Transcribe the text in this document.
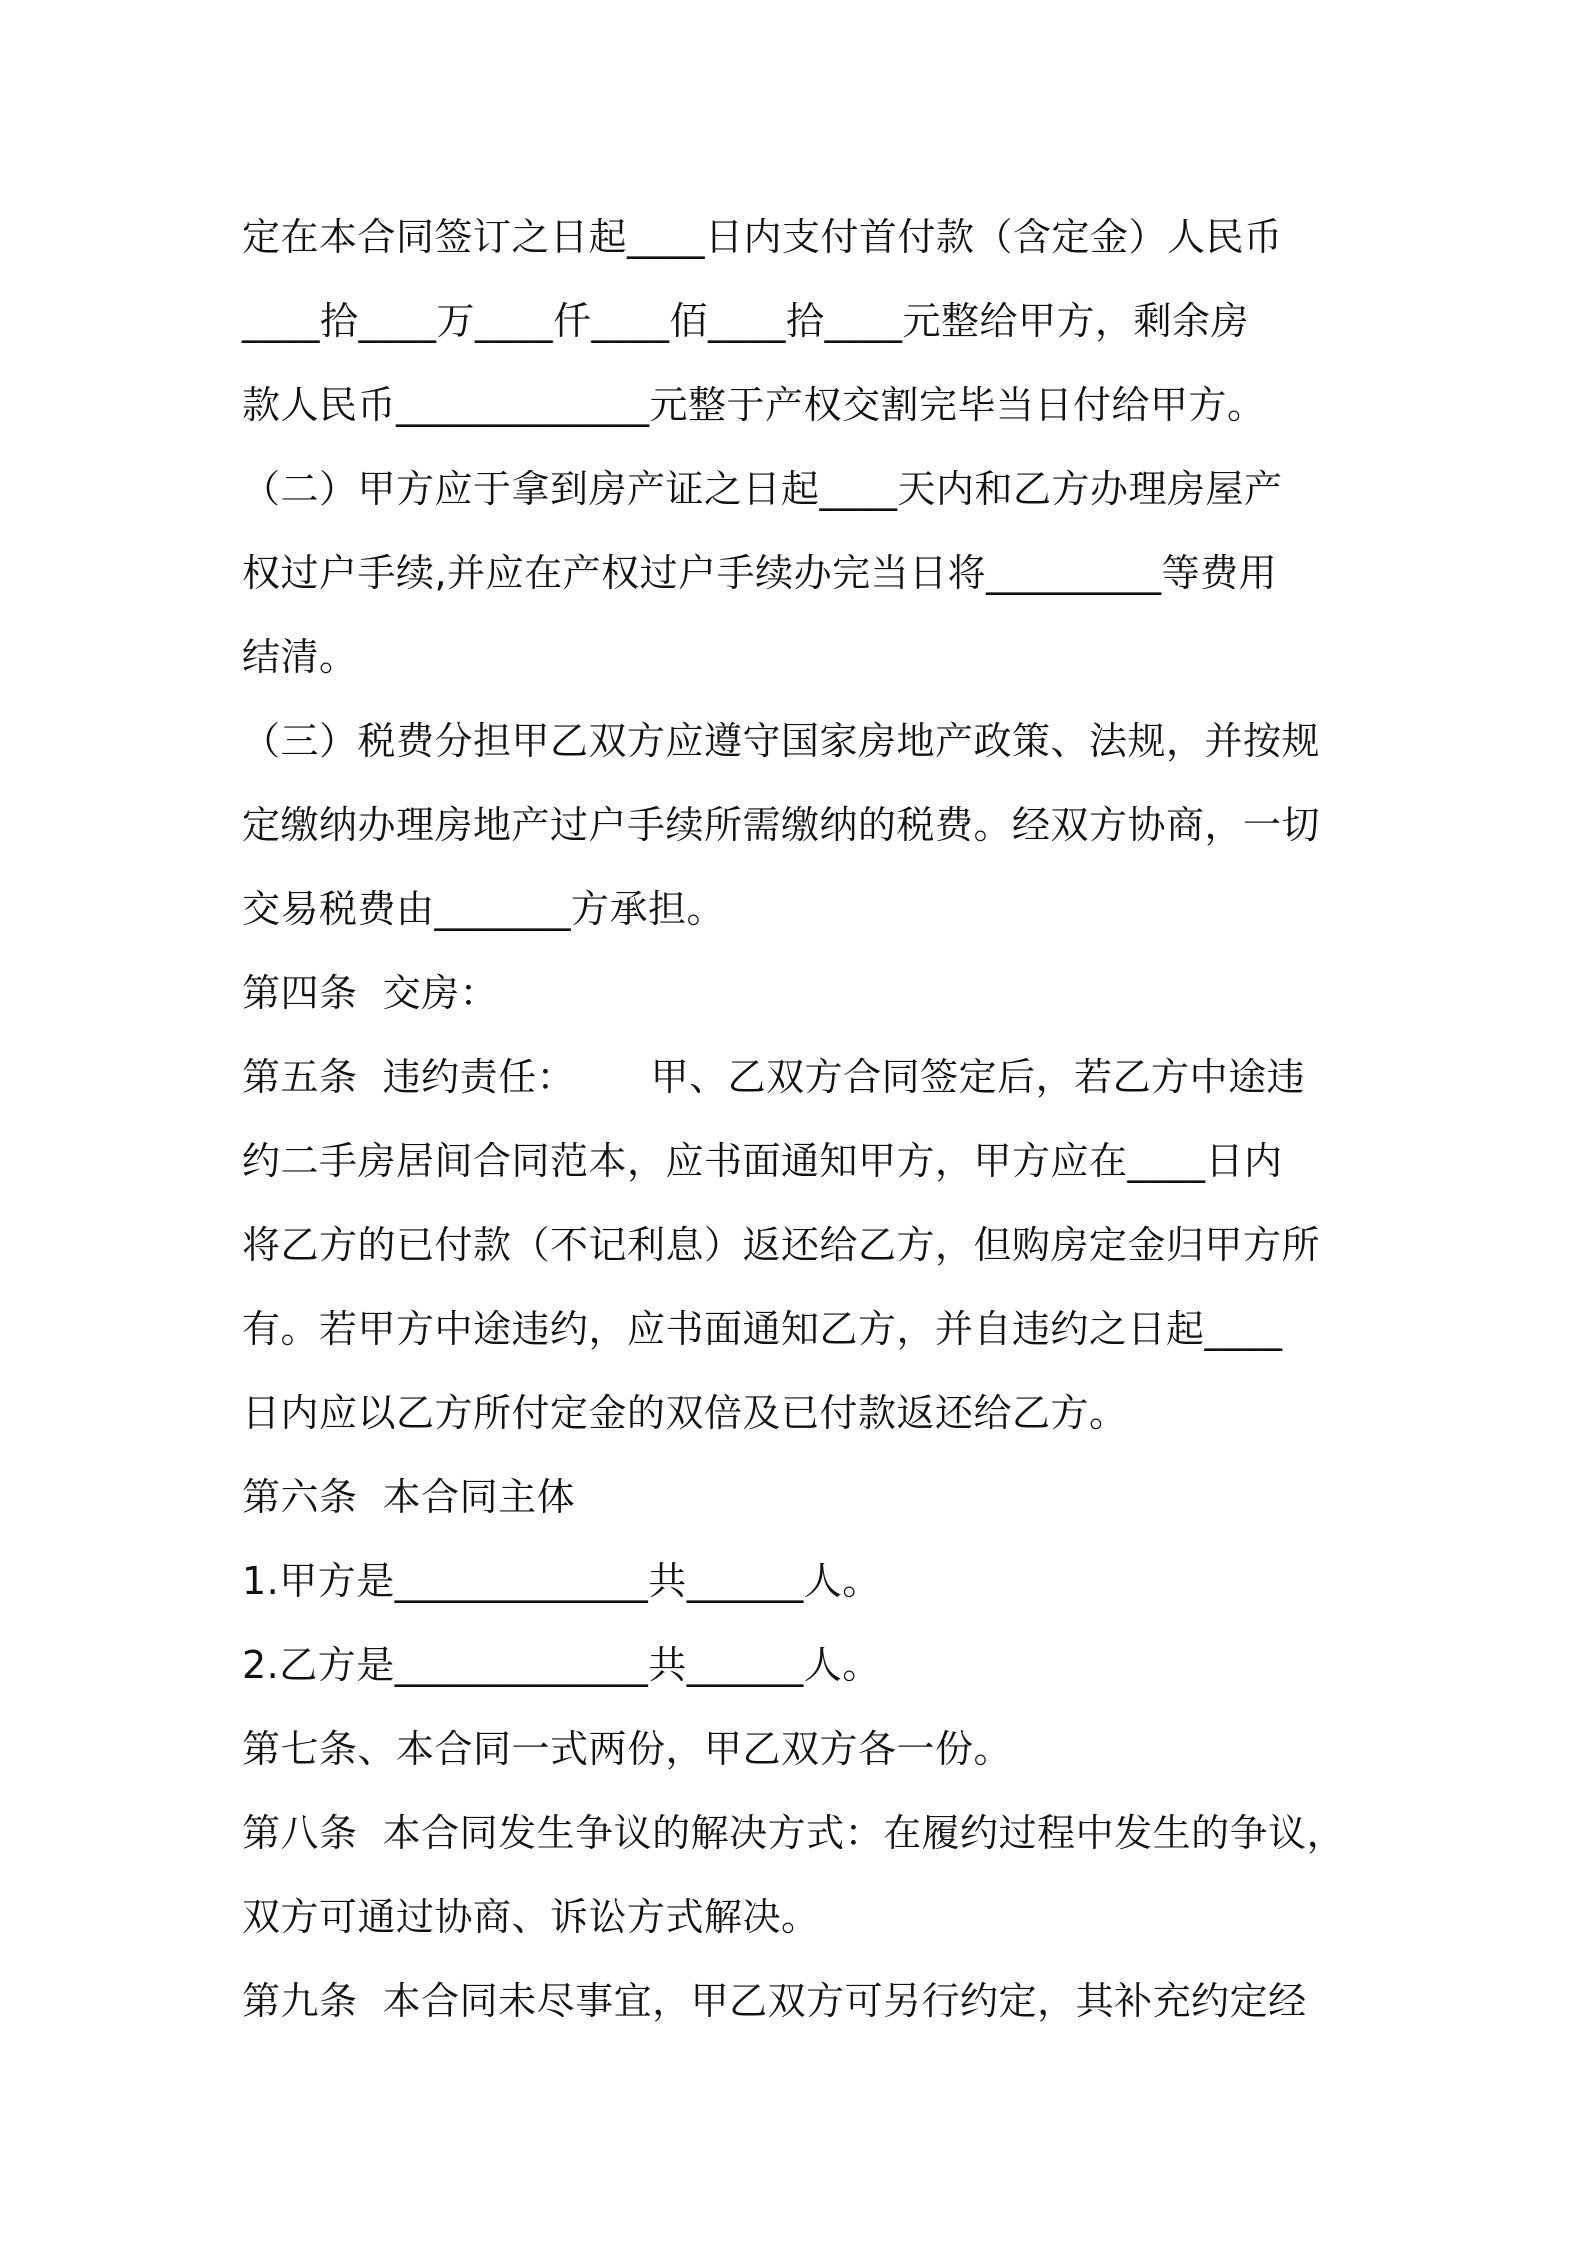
定在本合同签订之日起____日内支付首付款（含定金）人民币
____拾____万____仟____佰____拾____元整给甲方，剩余房
款人民币_____________元整于产权交割完毕当日付给甲方。
（二）甲方应于拿到房产证之日起____天内和乙方办理房屋产
权过户手续,并应在产权过户手续办完当日将_________等费用
结清。
（三）税费分担甲乙双方应遵守国家房地产政策、法规，并按规
定缴纳办理房地产过户手续所需缴纳的税费。经双方协商，一切
交易税费由_______方承担。
第四条  交房：
第五条  违约责任：      甲、乙双方合同签定后，若乙方中途违
约二手房居间合同范本，应书面通知甲方，甲方应在____日内
将乙方的已付款（不记利息）返还给乙方，但购房定金归甲方所
有。若甲方中途违约，应书面通知乙方，并自违约之日起____
日内应以乙方所付定金的双倍及已付款返还给乙方。
第六条  本合同主体
1.甲方是_____________共______人。
2.乙方是_____________共______人。
第七条、本合同一式两份，甲乙双方各一份。
第八条  本合同发生争议的解决方式：在履约过程中发生的争议，
双方可通过协商、诉讼方式解决。
第九条  本合同未尽事宜，甲乙双方可另行约定，其补充约定经
